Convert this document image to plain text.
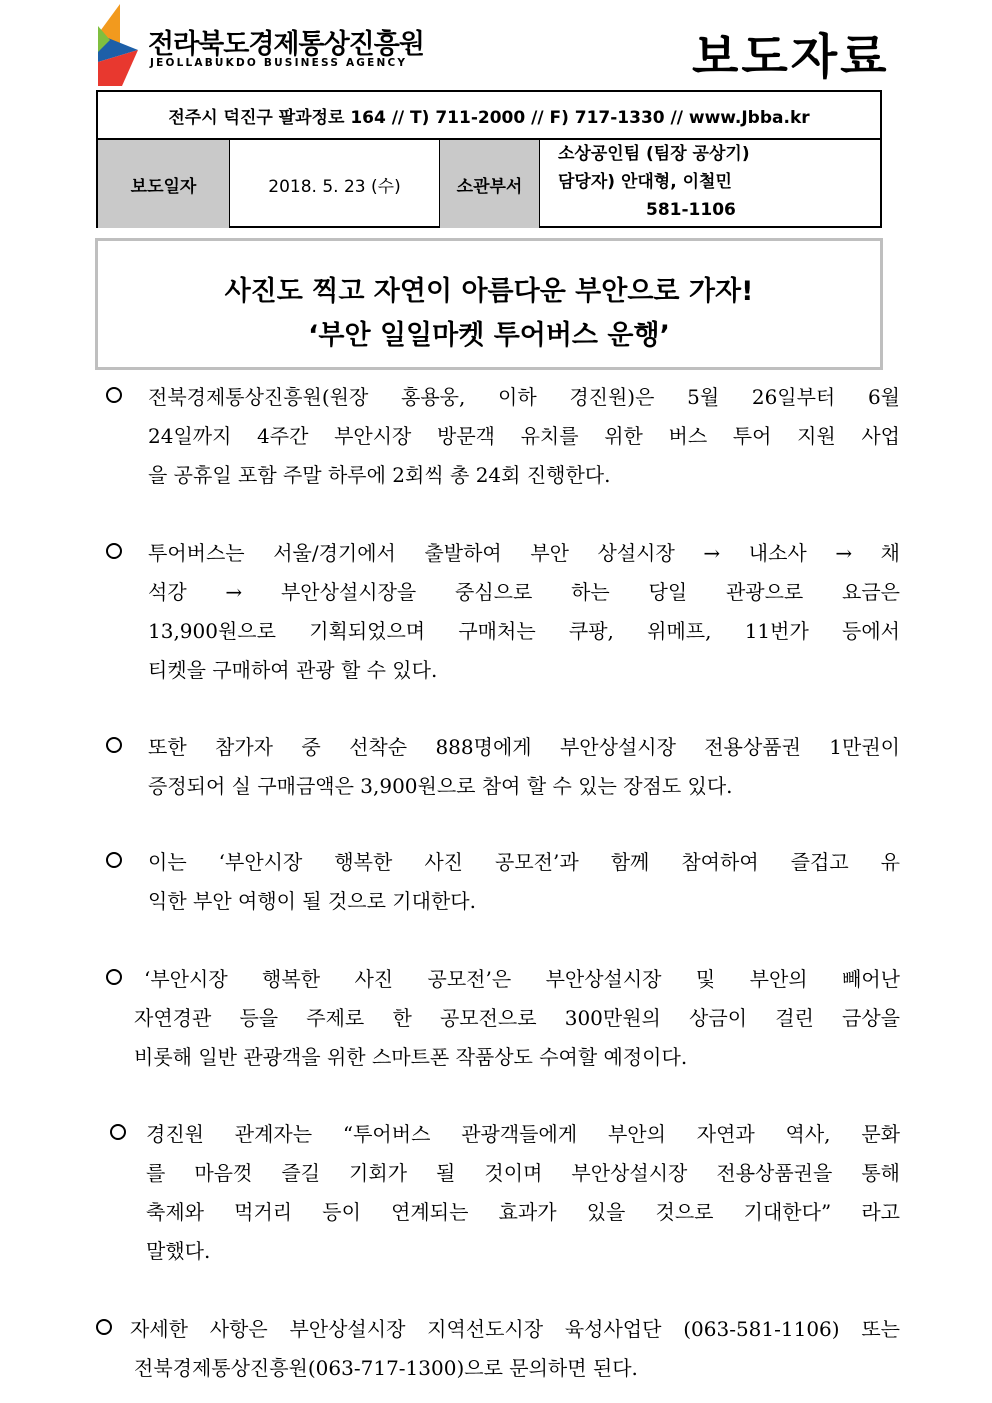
전라북도경제통상진흥원
JEOLLABUKDO BUSINESS AGENCY	보도자료
전주시 덕진구 팔과정로 164 // T) 711-2000 // F) 717-1330 // www.Jbba.kr
보도일자	2018. 5. 23 (수)	소관부서
소상공인팀 (팀장 공상기)
담당자) 안대형, 이철민
581-1106
사진도 찍고 자연이 아름다운 부안으로 가자!
‘부안 일일마켓 투어버스 운행’
전북경제통상진흥원(원장 홍용웅, 이하 경진원)은 5월 26일부터 6월
24일까지 4주간 부안시장 방문객 유치를 위한 버스 투어 지원 사업
을 공휴일 포함 주말 하루에 2회씩 총 24회 진행한다.
투어버스는 서울/경기에서 출발하여 부안 상설시장 → 내소사 → 채
석강 → 부안상설시장을 중심으로 하는 당일 관광으로 요금은
13,900원으로 기획되었으며 구매처는 쿠팡, 위메프, 11번가 등에서
티켓을 구매하여 관광 할 수 있다.
또한 참가자 중 선착순 888명에게 부안상설시장 전용상품권 1만권이
증정되어 실 구매금액은 3,900원으로 참여 할 수 있는 장점도 있다.
이는 ‘부안시장 행복한 사진 공모전’과 함께 참여하여 즐겁고 유
익한 부안 여행이 될 것으로 기대한다.
‘부안시장 행복한 사진 공모전’은 부안상설시장 및 부안의 빼어난
자연경관 등을 주제로 한 공모전으로 300만원의 상금이 걸린 금상을
비롯해 일반 관광객을 위한 스마트폰 작품상도 수여할 예정이다.
경진원 관계자는 “투어버스 관광객들에게 부안의 자연과 역사, 문화
를 마음껏 즐길 기회가 될 것이며 부안상설시장 전용상품권을 통해
축제와 먹거리 등이 연계되는 효과가 있을 것으로 기대한다” 라고
말했다.
자세한 사항은 부안상설시장 지역선도시장 육성사업단 (063-581-1106) 또는
전북경제통상진흥원(063-717-1300)으로 문의하면 된다.
